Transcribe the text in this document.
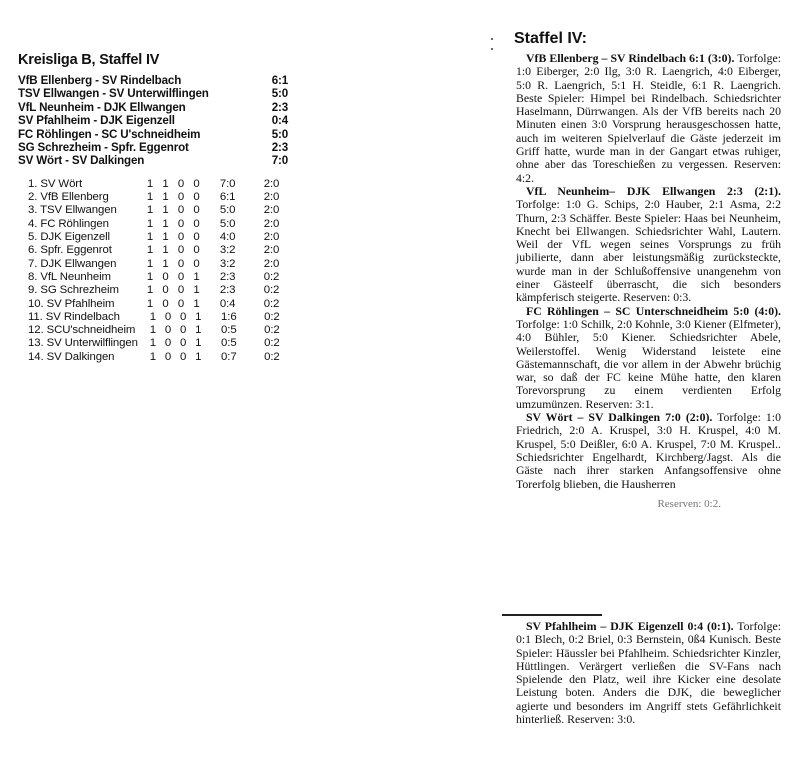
Kreisliga B, Staffel IV
VfB Ellenberg - SV Rindelbach	6:1
TSV Ellwangen - SV Unterwilflingen	5:0
VfL Neunheim - DJK Ellwangen	2:3
SV Pfahlheim - DJK Eigenzell	0:4
FC Röhlingen - SC U'schneidheim	5:0
SG Schrezheim - Spfr. Eggenrot	2:3
SV Wört - SV Dalkingen	7:0
1. SV Wört	1 1 0 0	7:0	2:0
2. VfB Ellenberg	1 1 0 0	6:1	2:0
3. TSV Ellwangen	1 1 0 0	5:0	2:0
4. FC Röhlingen	1 1 0 0	5:0	2:0
5. DJK Eigenzell	1 1 0 0	4:0	2:0
6. Spfr. Eggenrot	1 1 0 0	3:2	2:0
7. DJK Ellwangen	1 1 0 0	3:2	2:0
8. VfL Neunheim	1 0 0 1	2:3	0:2
9. SG Schrezheim	1 0 0 1	2:3	0:2
10. SV Pfahlheim	1 0 0 1	0:4	0:2
11. SV Rindelbach	1 0 0 1	1:6	0:2
12. SCU'schneidheim	1 0 0 1	0:5	0:2
13. SV Unterwilflingen	1 0 0 1	0:5	0:2
14. SV Dalkingen	1 0 0 1	0:7	0:2
Staffel IV:

VfB Ellenberg – SV Rindelbach 6:1 (3:0). Torfolge: 1:0 Eiberger, 2:0 Ilg, 3:0 R. Laengrich, 4:0 Eiberger, 5:0 R. Laengrich, 5:1 H. Steidle, 6:1 R. Laengrich. Beste Spieler: Himpel bei Rindelbach. Schiedsrichter Haselmann, Dürrwangen. Als der VfB bereits nach 20 Minuten einen 3:0 Vorsprung herausgeschossen hatte, auch im weiteren Spielverlauf die Gäste jederzeit im Griff hatte, wurde man in der Gangart etwas ruhiger, ohne aber das Toreschießen zu vergessen. Reserven: 4:2.

VfL Neunheim– DJK Ellwangen 2:3 (2:1). Torfolge: 1:0 G. Schips, 2:0 Hauber, 2:1 Asma, 2:2 Thurn, 2:3 Schäffer. Beste Spieler: Haas bei Neunheim, Knecht bei Ellwangen. Schiedsrichter Wahl, Lautern. Weil der VfL wegen seines Vorsprungs zu früh jubilierte, dann aber leistungsmäßig zurücksteckte, wurde man in der Schlußoffensive unangenehm von einer Gästeelf überrascht, die sich besonders kämpferisch steigerte. Reserven: 0:3.

FC Röhlingen – SC Unterschneidheim 5:0 (4:0). Torfolge: 1:0 Schilk, 2:0 Kohnle, 3:0 Kiener (Elfmeter), 4:0 Bühler, 5:0 Kiener. Schiedsrichter Abele, Weilerstoffel. Wenig Widerstand leistete eine Gästemannschaft, die vor allem in der Abwehr brüchig war, so daß der FC keine Mühe hatte, den klaren Torevorsprung zu einem verdienten Erfolg umzumünzen. Reserven: 3:1.

SV Wört – SV Dalkingen 7:0 (2:0). Torfolge: 1:0 Friedrich, 2:0 A. Kruspel, 3:0 H. Kruspel, 4:0 M. Kruspel, 5:0 Deißler, 6:0 A. Kruspel, 7:0 M. Kruspel.. Schiedsrichter Engelhardt, Kirchberg/Jagst. Als die Gäste nach ihrer starken Anfangsoffensive ohne Torerfolg blieben, die Hausherren

Reserven: 0:2.

SV Pfahlheim – DJK Eigenzell 0:4 (0:1). Torfolge: 0:1 Blech, 0:2 Briel, 0:3 Bernstein, 0ß4 Kunisch. Beste Spieler: Häussler bei Pfahlheim. Schiedsrichter Kinzler, Hüttlingen. Verärgert verließen die SV-Fans nach Spielende den Platz, weil ihre Kicker eine desolate Leistung boten. Anders die DJK, die beweglicher agierte und besonders im Angriff stets Gefährlichkeit hinterließ. Reserven: 3:0.
